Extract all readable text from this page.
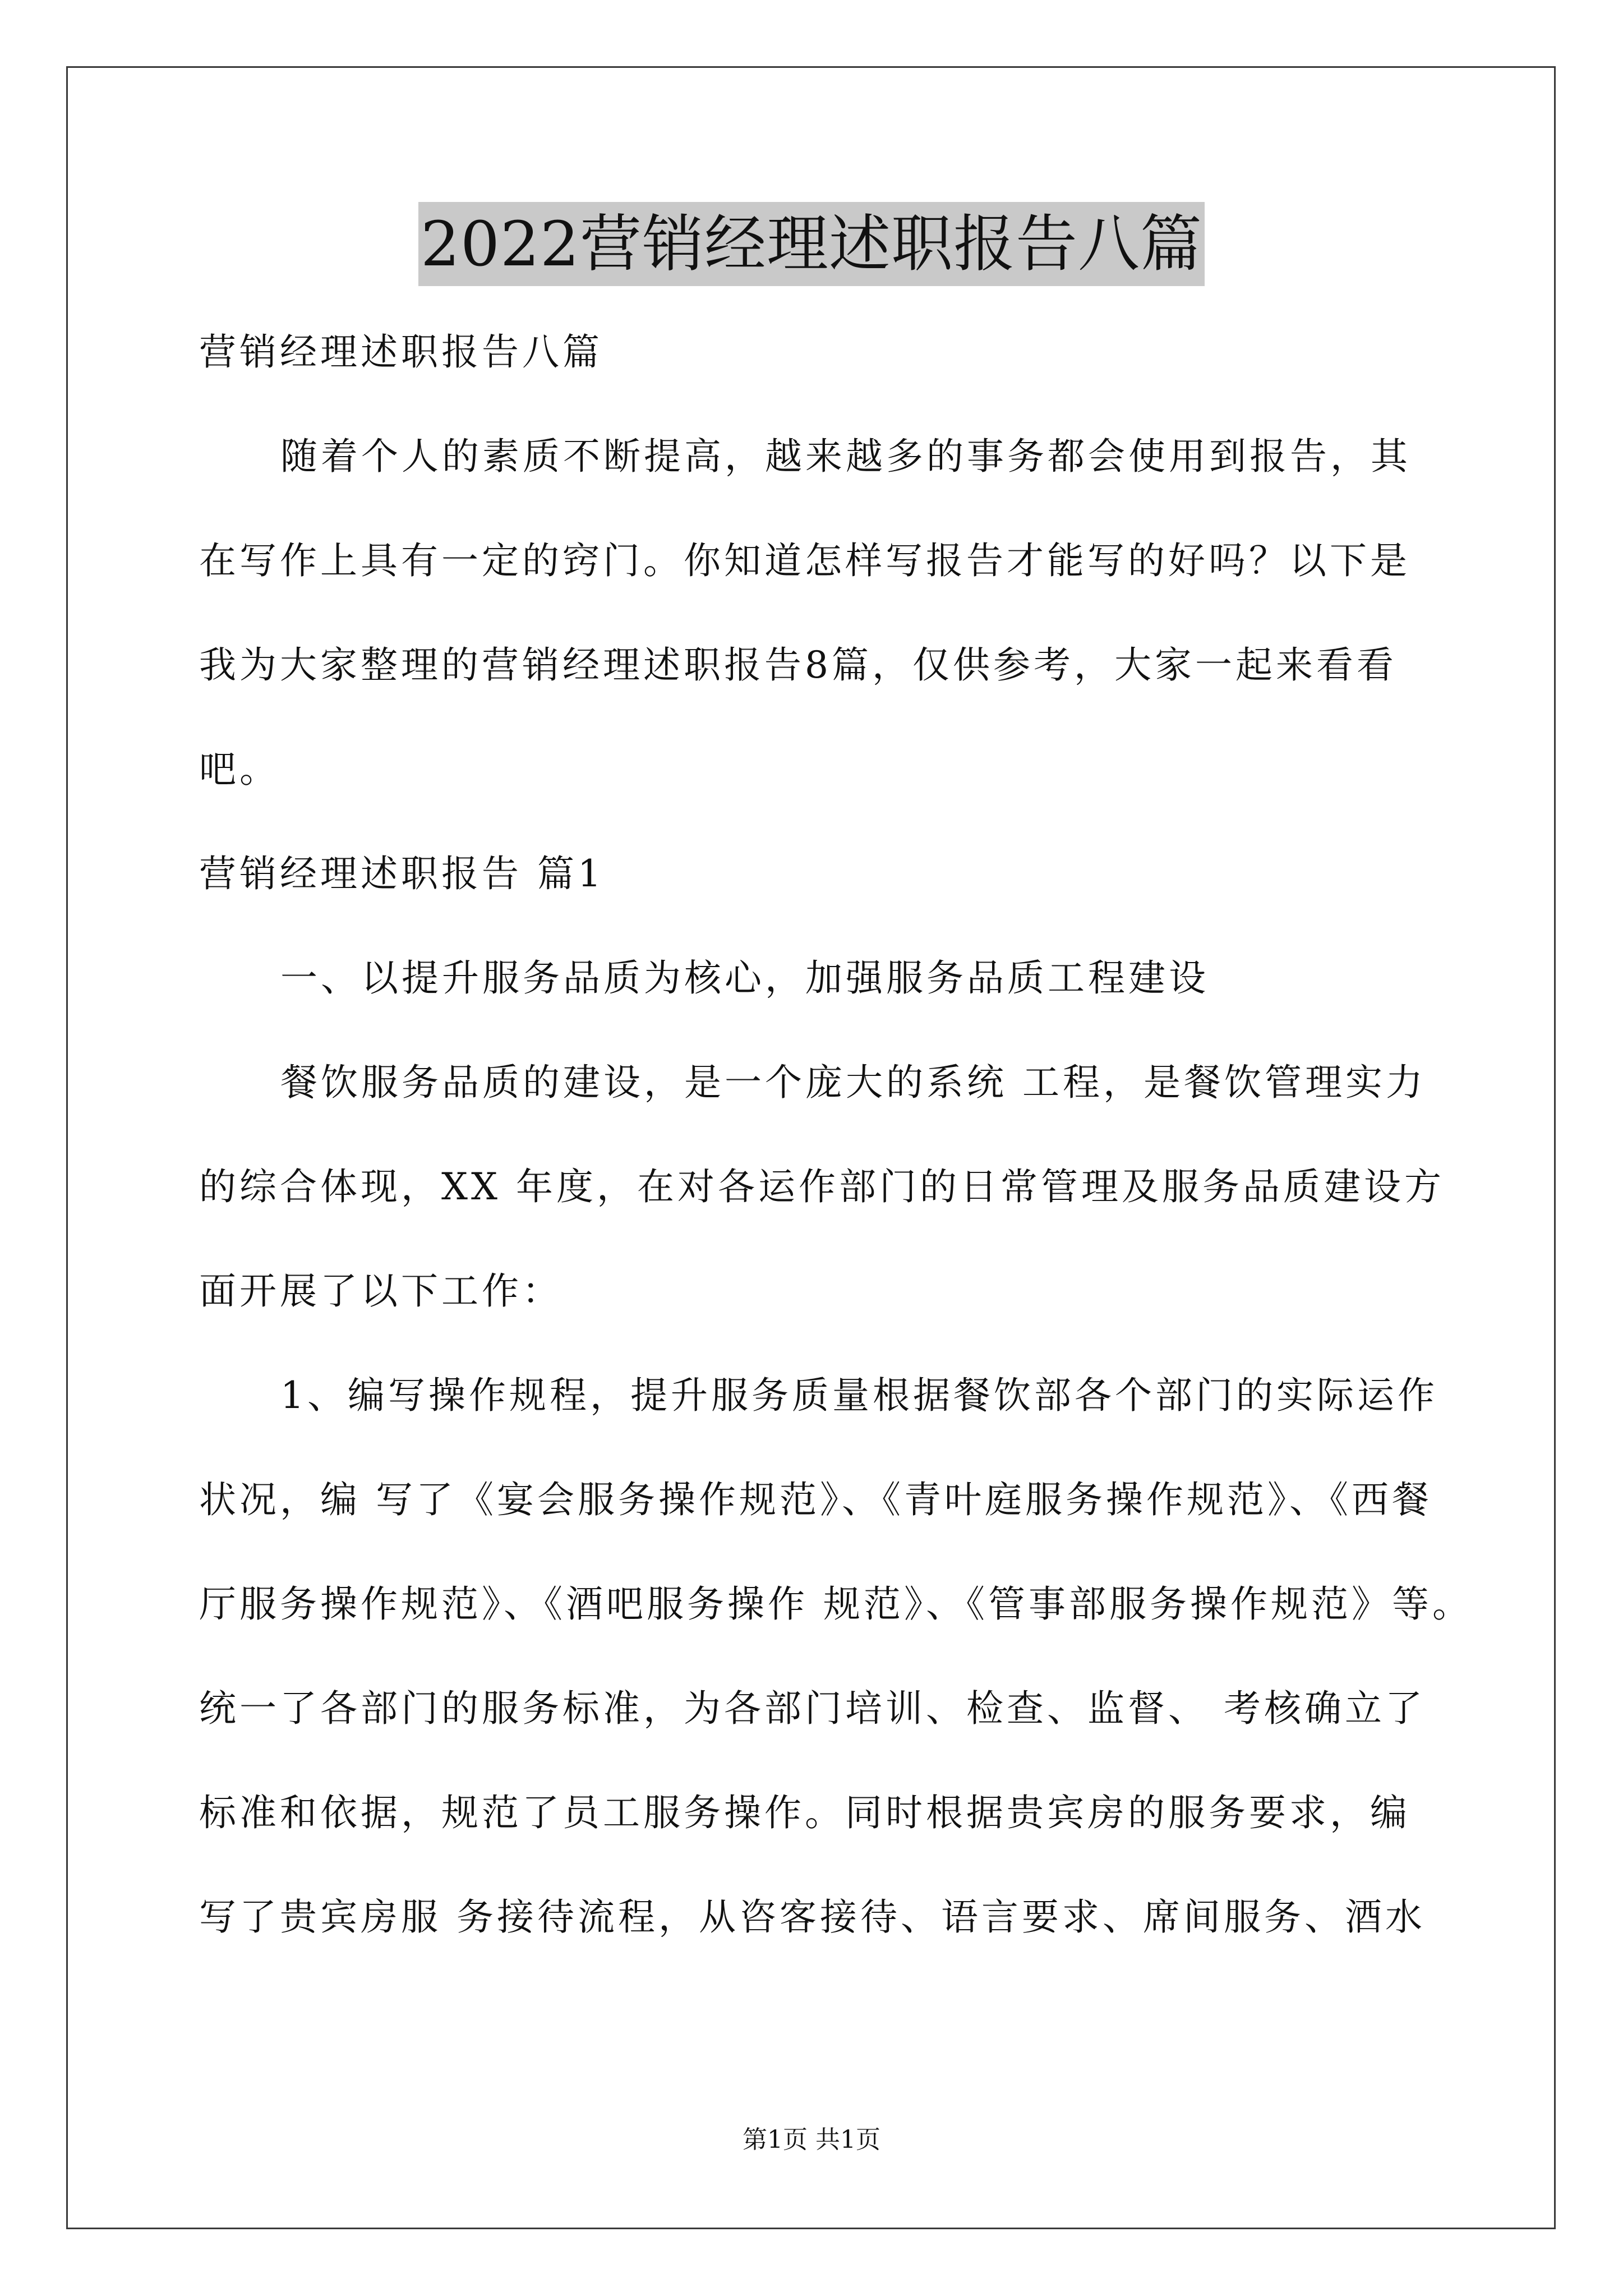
2022营销经理述职报告八篇
营销经理述职报告八篇
随着个人的素质不断提高，越来越多的事务都会使用到报告，其
在写作上具有一定的窍门。你知道怎样写报告才能写的好吗？以下是
我为大家整理的营销经理述职报告8篇，仅供参考，大家一起来看看
吧。
营销经理述职报告 篇1
一、以提升服务品质为核心，加强服务品质工程建设
餐饮服务品质的建设，是一个庞大的系统 工程，是餐饮管理实力
的综合体现，XX 年度，在对各运作部门的日常管理及服务品质建设方
面开展了以下工作：
1、编写操作规程，提升服务质量根据餐饮部各个部门的实际运作
状况，编 写了《宴会服务操作规范》、《青叶庭服务操作规范》、《西餐
厅服务操作规范》、《酒吧服务操作 规范》、《管事部服务操作规范》等。
统一了各部门的服务标准，为各部门培训、检查、监督、 考核确立了
标准和依据，规范了员工服务操作。同时根据贵宾房的服务要求，编
写了贵宾房服 务接待流程，从咨客接待、语言要求、席间服务、酒水
第1页 共1页
